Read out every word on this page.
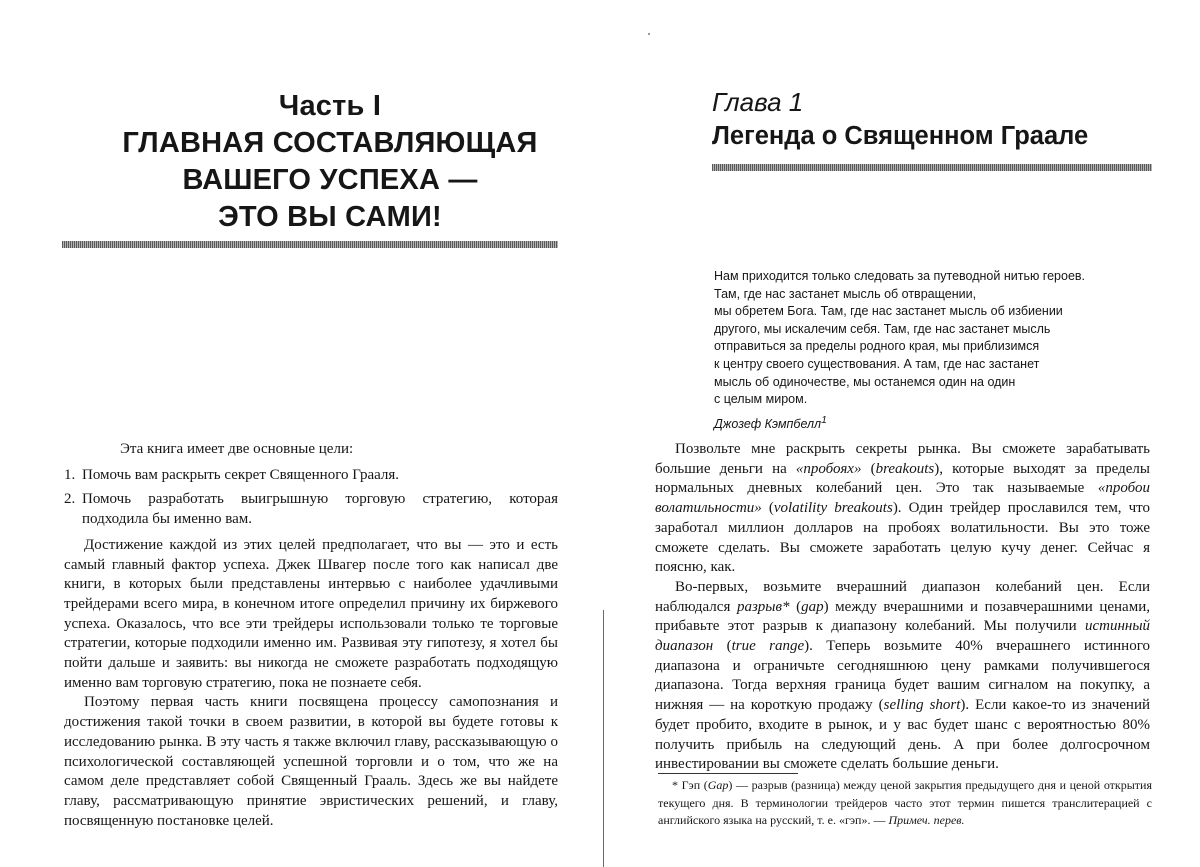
Часть I
ГЛАВНАЯ СОСТАВЛЯЮЩАЯ
ВАШЕГО УСПЕХА —
ЭТО ВЫ САМИ!

Эта книга имеет две основные цели:

1. Помочь вам раскрыть секрет Священного Грааля.
2. Помочь разработать выигрышную торговую стратегию, которая подходила бы именно вам.

Достижение каждой из этих целей предполагает, что вы — это и есть самый главный фактор успеха. Джек Швагер после того как написал две книги, в которых были представлены интервью с наиболее удачливыми трейдерами всего мира, в конечном итоге определил причину их биржевого успеха. Оказалось, что все эти трейдеры использовали только те торговые стратегии, которые подходили именно им. Развивая эту гипотезу, я хотел бы пойти дальше и заявить: вы никогда не сможете разработать подходящую именно вам торговую стратегию, пока не познаете себя.

Поэтому первая часть книги посвящена процессу самопознания и достижения такой точки в своем развитии, в которой вы будете готовы к исследованию рынка. В эту часть я также включил главу, рассказывающую о психологической составляющей успешной торговли и о том, что же на самом деле представляет собой Священный Грааль. Здесь же вы найдете главу, рассматривающую принятие эвристических решений, и главу, посвященную постановке целей.

Глава 1
Легенда о Священном Граале
Нам приходится только следовать за путеводной нитью героев.
Там, где нас застанет мысль об отвращении,
мы обретем Бога. Там, где нас застанет мысль об избиении
другого, мы искалечим себя. Там, где нас застанет мысль
отправиться за пределы родного края, мы приблизимся
к центру своего существования. А там, где нас застанет
мысль об одиночестве, мы останемся один на один
с целым миром.
Джозеф Кэмпбелл$^1$

Позвольте мне раскрыть секреты рынка. Вы сможете зарабатывать большие деньги на «пробоях» (breakouts), которые выходят за пределы нормальных дневных колебаний цен. Это так называемые «пробои волатильности» (volatility breakouts). Один трейдер прославился тем, что заработал миллион долларов на пробоях волатильности. Вы это тоже сможете сделать. Вы сможете заработать целую кучу денег. Сейчас я поясню, как.

Во-первых, возьмите вчерашний диапазон колебаний цен. Если наблюдался разрыв* (gap) между вчерашними и позавчерашними ценами, прибавьте этот разрыв к диапазону колебаний. Мы получили истинный диапазон (true range). Теперь возьмите 40% вчерашнего истинного диапазона и ограничьте сегодняшнюю цену рамками получившегося диапазона. Тогда верхняя граница будет вашим сигналом на покупку, а нижняя — на короткую продажу (selling short). Если какое-то из значений будет пробито, входите в рынок, и у вас будет шанс с вероятностью 80% получить прибыль на следующий день. А при более долгосрочном инвестировании вы сможете сделать большие деньги.

* Гэп (Gap) — разрыв (разница) между ценой закрытия предыдущего дня и ценой открытия текущего дня. В терминологии трейдеров часто этот термин пишется транслитерацией с английского языка на русский, т. е. «гэп». — Примеч. перев.
